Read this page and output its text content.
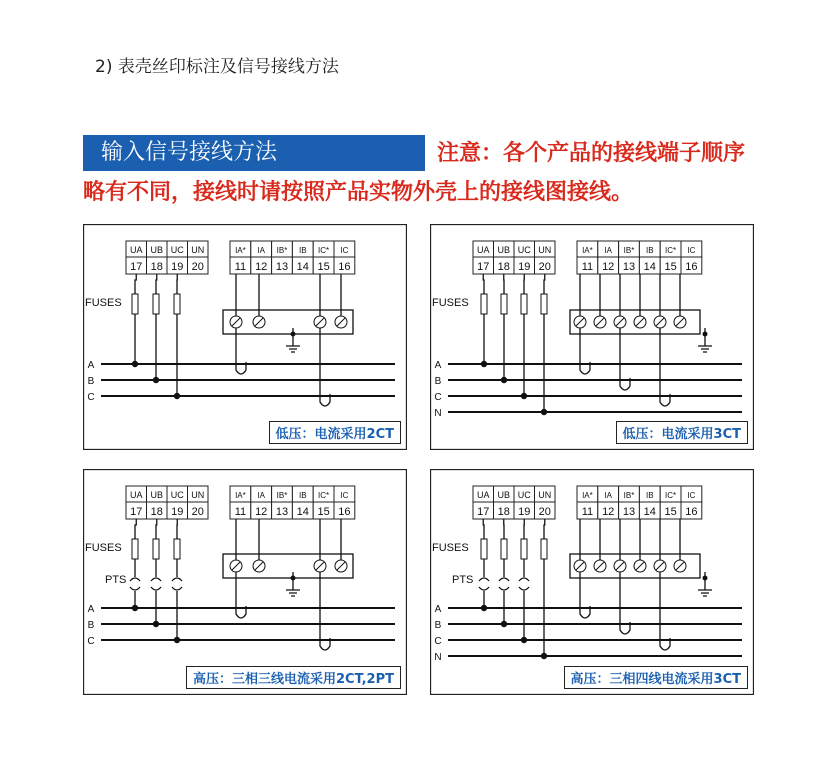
2) 表壳丝印标注及信号接线方法
输入信号接线方法	注意：各个产品的接线端子顺序
略有不同，接线时请按照产品实物外壳上的接线图接线。
UA
17
UB
18
UC
19
UN
20
IA*
11
IA
12
IB*
13
IB
14
IC*
15
IC
16
A
B
C
FUSES
低压：电流采用2CT
UA
17
UB
18
UC
19
UN
20
IA*
11
IA
12
IB*
13
IB
14
IC*
15
IC
16
A
B
C
N
FUSES
低压：电流采用3CT
UA
17
UB
18
UC
19
UN
20
IA*
11
IA
12
IB*
13
IB
14
IC*
15
IC
16
A
B
C
FUSES
PTS
高压：三相三线电流采用2CT,2PT
UA
17
UB
18
UC
19
UN
20
IA*
11
IA
12
IB*
13
IB
14
IC*
15
IC
16
A
B
C
N
FUSES
PTS
高压：三相四线电流采用3CT
